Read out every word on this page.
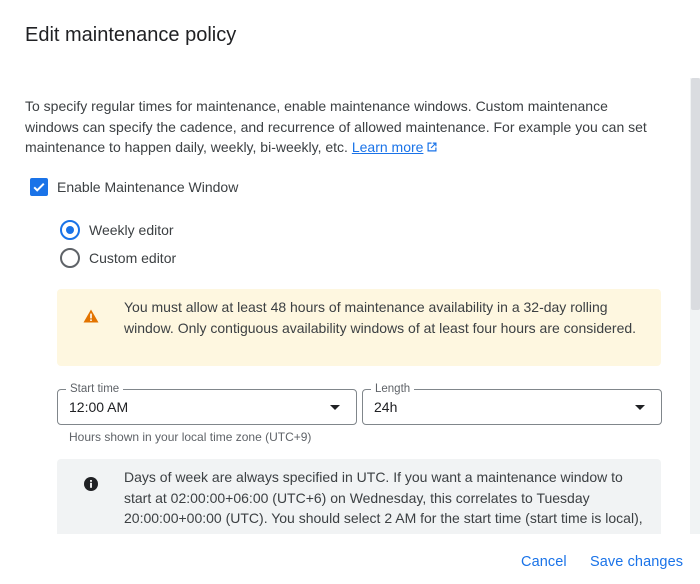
Edit maintenance policy
To specify regular times for maintenance, enable maintenance windows. Custom maintenance windows can specify the cadence, and recurrence of allowed maintenance. For example you can set maintenance to happen daily, weekly, bi-weekly, etc. Learn more
Enable Maintenance Window
Weekly editor
Custom editor
You must allow at least 48 hours of maintenance availability in a 32-day rolling window. Only contiguous availability windows of at least four hours are considered.
Start time
12:00 AM
Length
24h
Hours shown in your local time zone (UTC+9)
Days of week are always specified in UTC. If you want a maintenance window to start at 02:00:00+06:00 (UTC+6) on Wednesday, this correlates to Tuesday 20:00:00+00:00 (UTC). You should select 2 AM for the start time (start time is local),
Cancel Save changes
